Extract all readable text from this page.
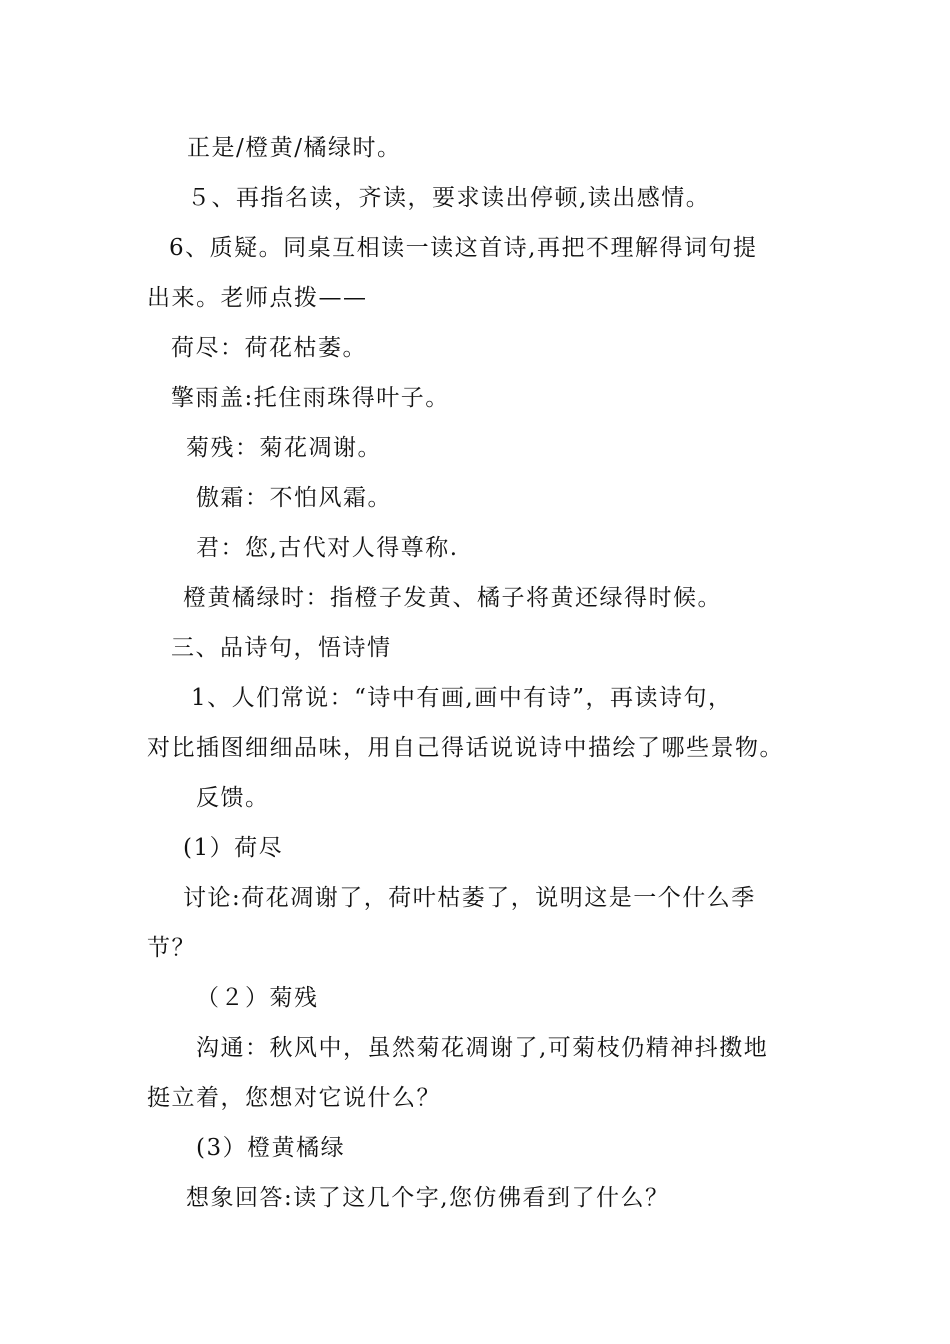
正是/橙黄/橘绿时。
５、再指名读，齐读，要求读出停顿,读出感情。
6、质疑。同桌互相读一读这首诗,再把不理解得词句提
出来。老师点拨——
荷尽：荷花枯萎。
擎雨盖:托住雨珠得叶子。
菊残：菊花凋谢。
傲霜：不怕风霜。
君：您,古代对人得尊称.
橙黄橘绿时：指橙子发黄、橘子将黄还绿得时候。
三、品诗句，悟诗情
1、人们常说：“诗中有画,画中有诗”，再读诗句，
对比插图细细品味，用自己得话说说诗中描绘了哪些景物。
反馈。
(1）荷尽
讨论:荷花凋谢了，荷叶枯萎了，说明这是一个什么季
节？
（２）菊残
沟通：秋风中，虽然菊花凋谢了,可菊枝仍精神抖擞地
挺立着，您想对它说什么？
(3）橙黄橘绿
想象回答:读了这几个字,您仿佛看到了什么？
